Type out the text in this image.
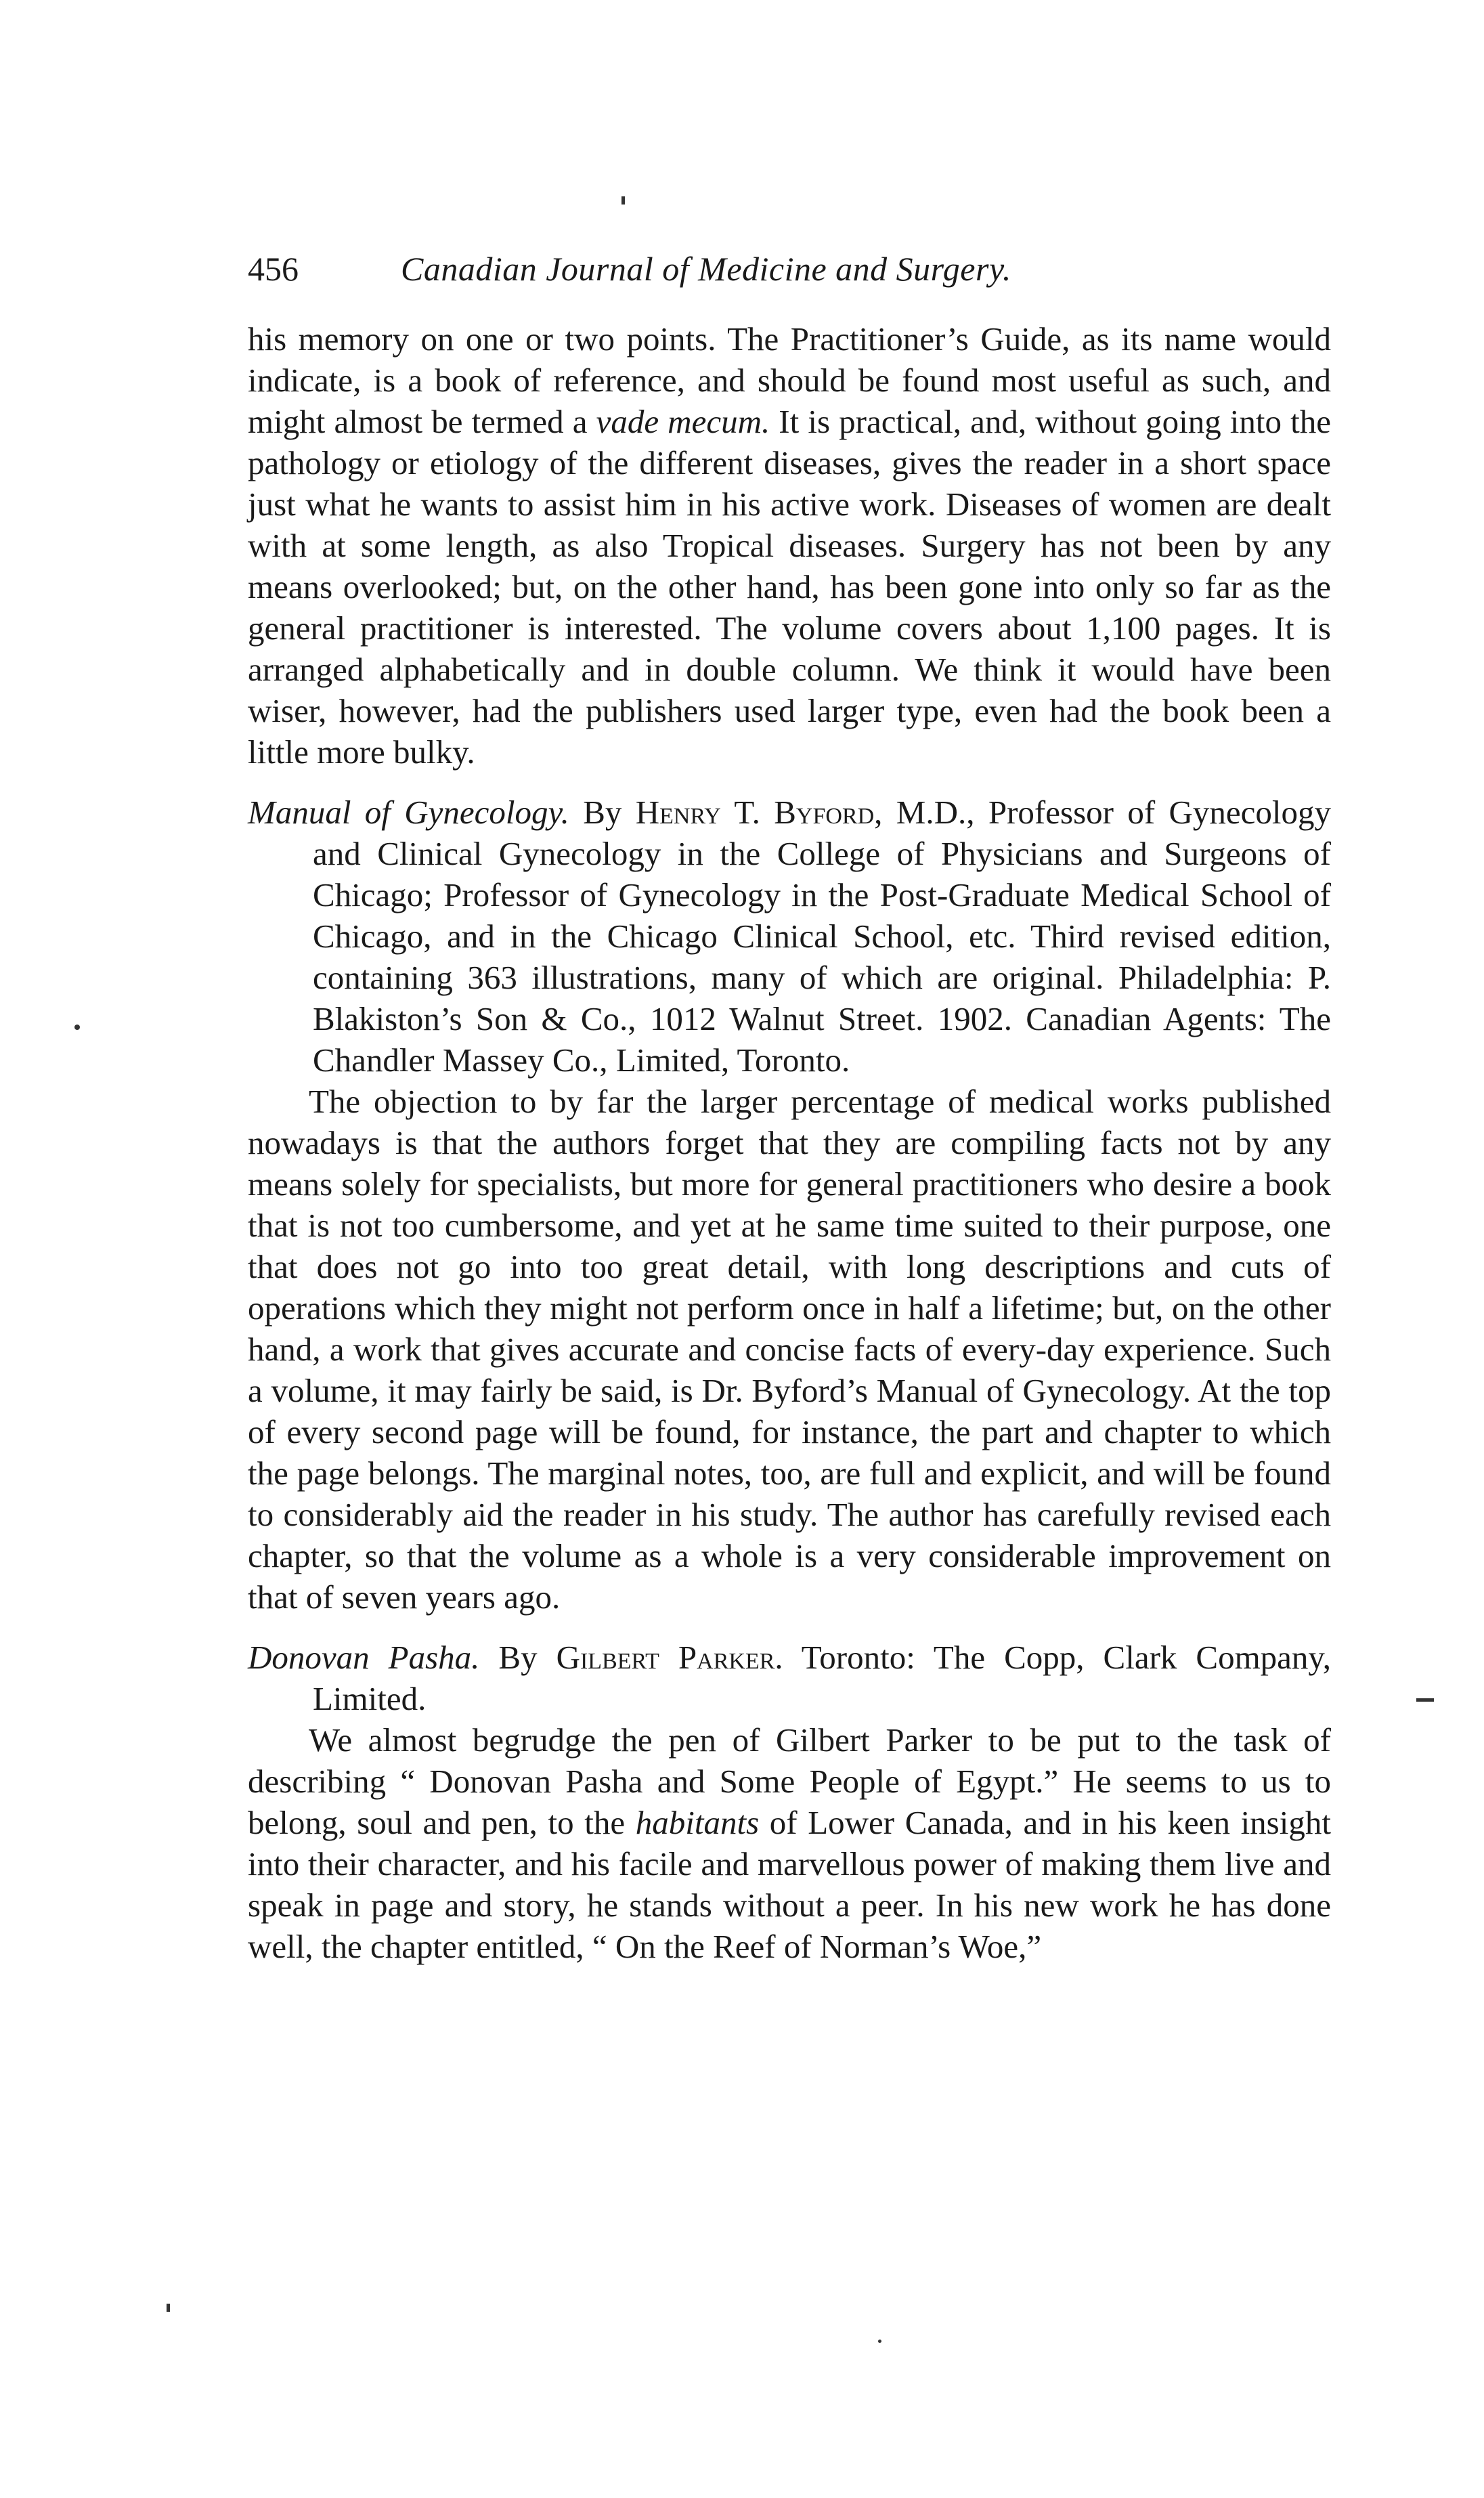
456	Canadian Journal of Medicine and Surgery.

his memory on one or two points. The Practitioner’s Guide, as its name would indicate, is a book of reference, and should be found most useful as such, and might almost be termed a vade mecum. It is practical, and, without going into the pathology or etiology of the different diseases, gives the reader in a short space just what he wants to assist him in his active work. Diseases of women are dealt with at some length, as also Tropical diseases. Surgery has not been by any means overlooked; but, on the other hand, has been gone into only so far as the general practitioner is interested. The volume covers about 1,100 pages. It is arranged alphabetically and in double column. We think it would have been wiser, however, had the publishers used larger type, even had the book been a little more bulky.

Manual of Gynecology. By Henry T. Byford, M.D., Professor of Gynecology and Clinical Gynecology in the College of Physicians and Surgeons of Chicago; Professor of Gynecology in the Post-Graduate Medical School of Chicago, and in the Chicago Clinical School, etc. Third revised edition, containing 363 illustrations, many of which are original. Philadelphia: P. Blakiston’s Son & Co., 1012 Walnut Street. 1902. Canadian Agents: The Chandler Massey Co., Limited, Toronto.

The objection to by far the larger percentage of medical works published nowadays is that the authors forget that they are compiling facts not by any means solely for specialists, but more for general practitioners who desire a book that is not too cumbersome, and yet at he same time suited to their purpose, one that does not go into too great detail, with long descriptions and cuts of operations which they might not perform once in half a lifetime; but, on the other hand, a work that gives accurate and concise facts of every-day experience. Such a volume, it may fairly be said, is Dr. Byford’s Manual of Gynecology. At the top of every second page will be found, for instance, the part and chapter to which the page belongs. The marginal notes, too, are full and explicit, and will be found to considerably aid the reader in his study. The author has carefully revised each chapter, so that the volume as a whole is a very considerable improvement on that of seven years ago.

Donovan Pasha. By Gilbert Parker. Toronto: The Copp, Clark Company, Limited.

We almost begrudge the pen of Gilbert Parker to be put to the task of describing “ Donovan Pasha and Some People of Egypt.” He seems to us to belong, soul and pen, to the habitants of Lower Canada, and in his keen insight into their character, and his facile and marvellous power of making them live and speak in page and story, he stands without a peer. In his new work he has done well, the chapter entitled, “ On the Reef of Norman’s Woe,”
